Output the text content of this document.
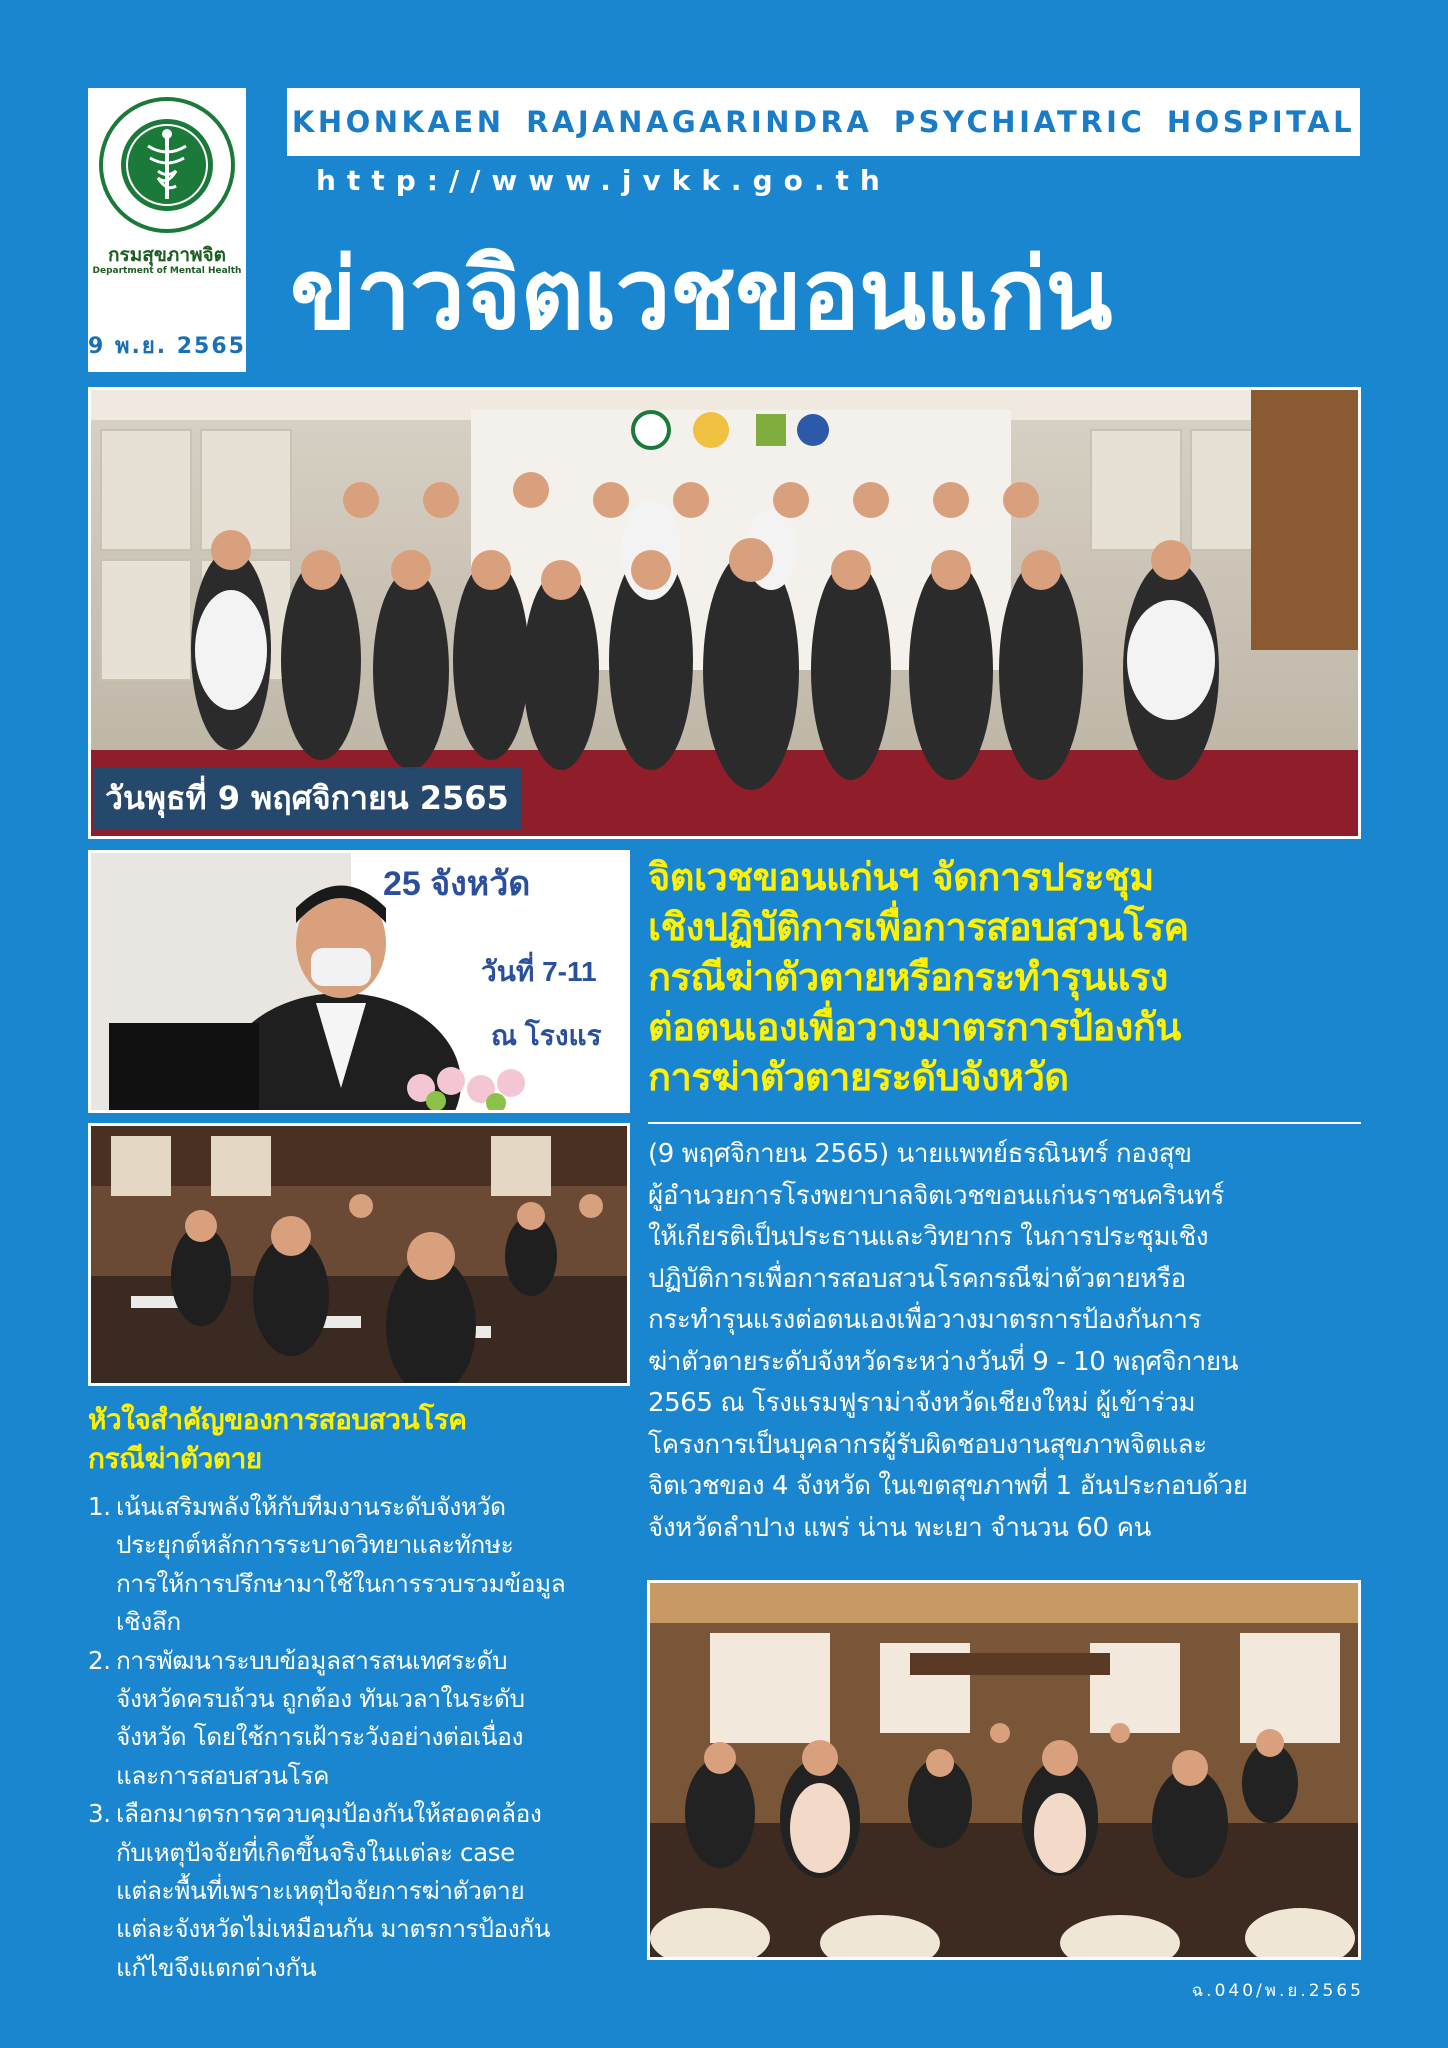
กรมสุขภาพจิต
Department of Mental Health
9 พ.ย. 2565
KHONKAEN RAJANAGARINDRA PSYCHIATRIC HOSPITAL
http://www.jvkk.go.th
ข่าวจิตเวชขอนแก่น
วันพุธที่ 9 พฤศจิกายน 2565
25 จังหวัด
วันที่ 7-11
ณ โรงแร
จิตเวชขอนแก่นฯ จัดการประชุม
เชิงปฏิบัติการเพื่อการสอบสวนโรค
กรณีฆ่าตัวตายหรือกระทำรุนแรง
ต่อตนเองเพื่อวางมาตรการป้องกัน
การฆ่าตัวตายระดับจังหวัด
(9 พฤศจิกายน 2565) นายแพทย์ธรณินทร์ กองสุข
ผู้อำนวยการโรงพยาบาลจิตเวชขอนแก่นราชนครินทร์
ให้เกียรติเป็นประธานและวิทยากร ในการประชุมเชิง
ปฏิบัติการเพื่อการสอบสวนโรคกรณีฆ่าตัวตายหรือ
กระทำรุนแรงต่อตนเองเพื่อวางมาตรการป้องกันการ
ฆ่าตัวตายระดับจังหวัดระหว่างวันที่ 9 - 10 พฤศจิกายน
2565 ณ โรงแรมฟูราม่าจังหวัดเชียงใหม่ ผู้เข้าร่วม
โครงการเป็นบุคลากรผู้รับผิดชอบงานสุขภาพจิตและ
จิตเวชของ 4 จังหวัด ในเขตสุขภาพที่ 1 อันประกอบด้วย
จังหวัดลำปาง แพร่ น่าน พะเยา จำนวน 60 คน
หัวใจสำคัญของการสอบสวนโรค
กรณีฆ่าตัวตาย
1. เน้นเสริมพลังให้กับทีมงานระดับจังหวัด
ประยุกต์หลักการระบาดวิทยาและทักษะ
การให้การปรึกษามาใช้ในการรวบรวมข้อมูล
เชิงลึก
2. การพัฒนาระบบข้อมูลสารสนเทศระดับ
จังหวัดครบถ้วน ถูกต้อง ทันเวลาในระดับ
จังหวัด โดยใช้การเฝ้าระวังอย่างต่อเนื่อง
และการสอบสวนโรค
3. เลือกมาตรการควบคุมป้องกันให้สอดคล้อง
กับเหตุปัจจัยที่เกิดขึ้นจริงในแต่ละ case
แต่ละพื้นที่เพราะเหตุปัจจัยการฆ่าตัวตาย
แต่ละจังหวัดไม่เหมือนกัน มาตรการป้องกัน
แก้ไขจึงแตกต่างกัน
ฉ.040/พ.ย.2565
